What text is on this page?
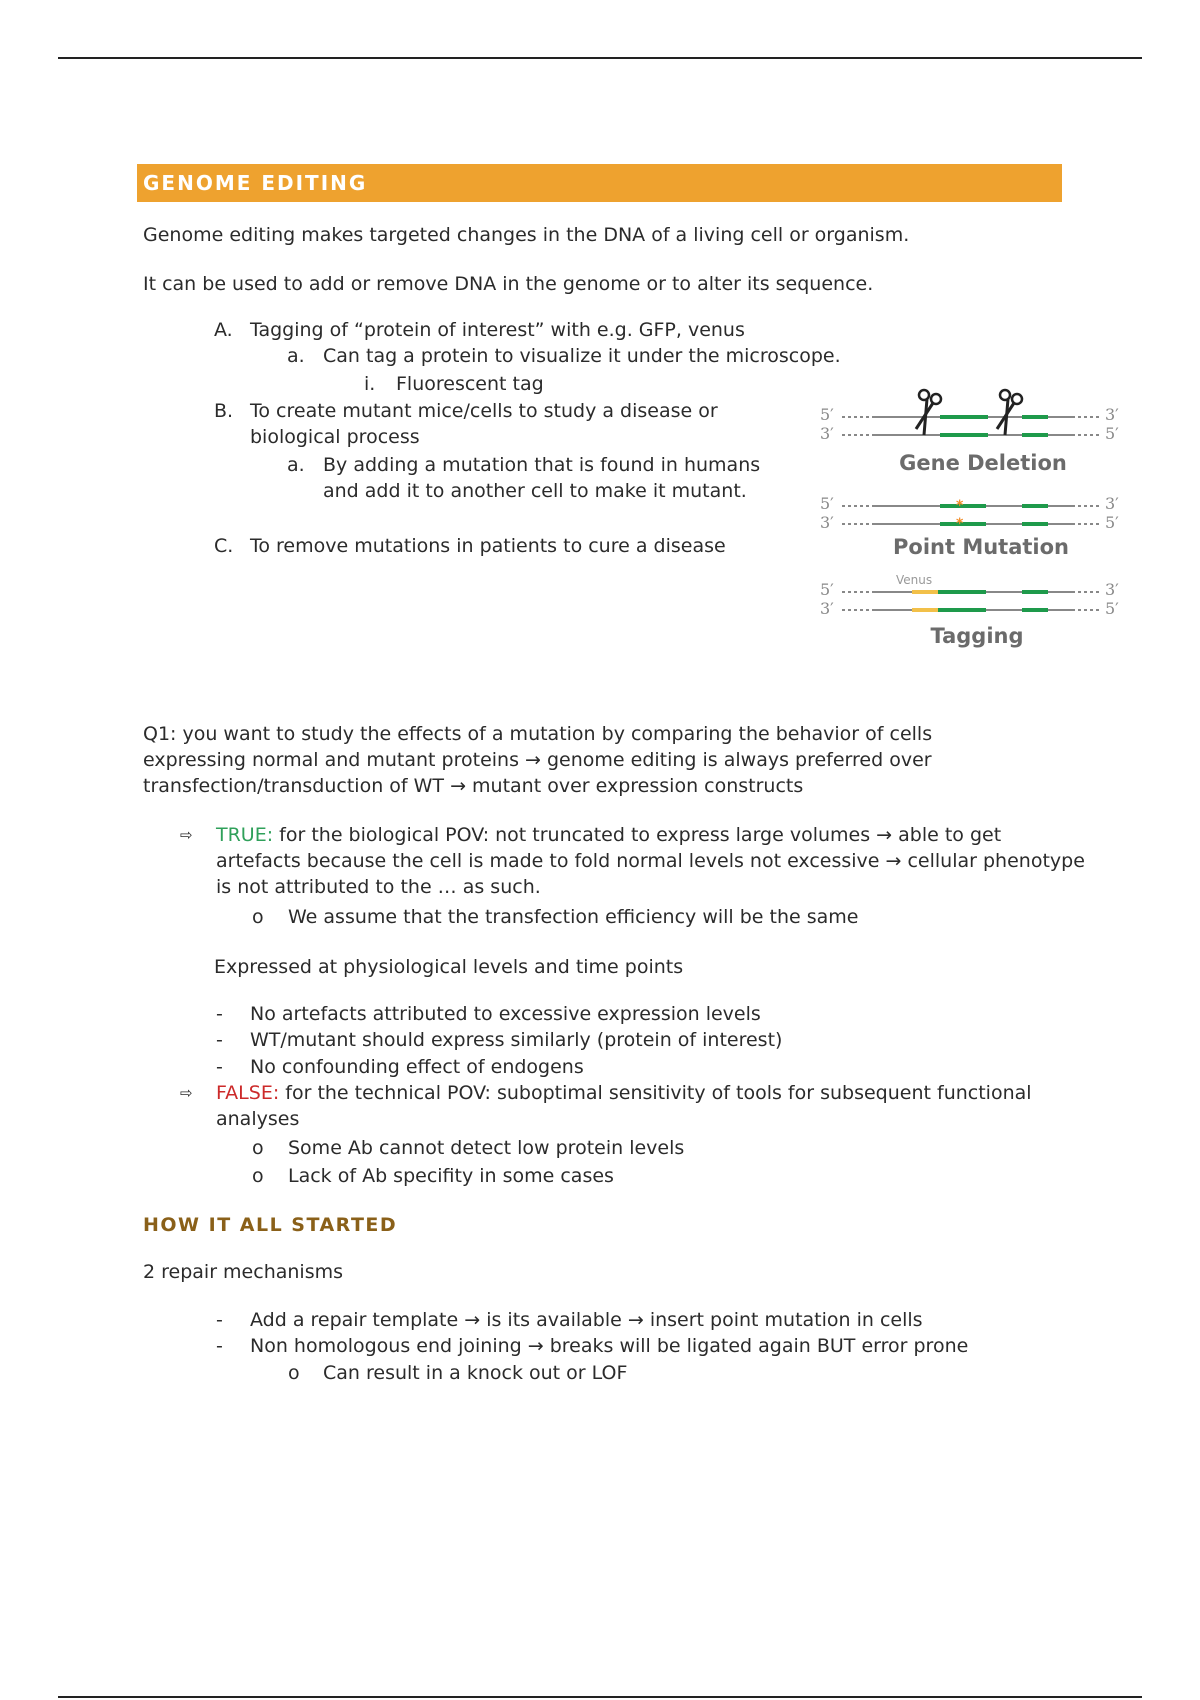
GENOME EDITING
Genome editing makes targeted changes in the DNA of a living cell or organism.
It can be used to add or remove DNA in the genome or to alter its sequence.
A. Tagging of “protein of interest” with e.g. GFP, venus
a. Can tag a protein to visualize it under the microscope.
i. Fluorescent tag
B. To create mutant mice/cells to study a disease or biological process
a. By adding a mutation that is found in humans and add it to another cell to make it mutant.
C. To remove mutations in patients to cure a disease
5′
3′
3′
5′
Gene Deletion
5′
3′
*
*
3′
5′
Point Mutation
5′
3′
Venus	3′
5′
Tagging
Q1: you want to study the effects of a mutation by comparing the behavior of cells expressing normal and mutant proteins → genome editing is always preferred over transfection/transduction of WT → mutant over expression constructs
⇨ TRUE: for the biological POV: not truncated to express large volumes → able to get artefacts because the cell is made to fold normal levels not excessive → cellular phenotype is not attributed to the … as such.
o We assume that the transfection efficiency will be the same
Expressed at physiological levels and time points
- No artefacts attributed to excessive expression levels
- WT/mutant should express similarly (protein of interest)
- No confounding effect of endogens
⇨ FALSE: for the technical POV: suboptimal sensitivity of tools for subsequent functional analyses
o Some Ab cannot detect low protein levels
o Lack of Ab specifity in some cases
HOW IT ALL STARTED
2 repair mechanisms
- Add a repair template → is its available → insert point mutation in cells
- Non homologous end joining → breaks will be ligated again BUT error prone
o Can result in a knock out or LOF
